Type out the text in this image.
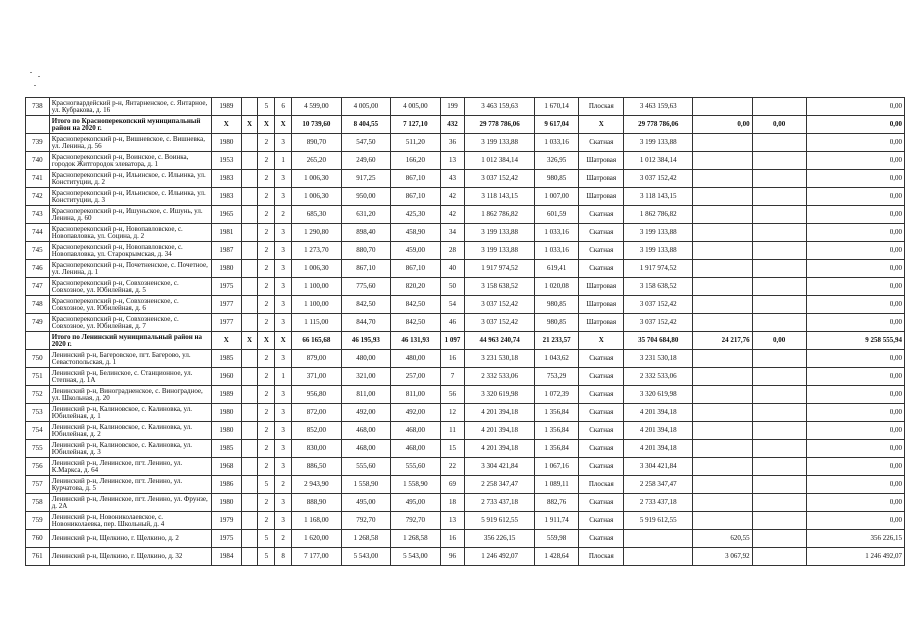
738	Красногвардейский р-н, Янтарненское, с. Янтарное, ул. Кубракова, д. 16	1989		5	6	4 599,00	4 005,00	4 005,00	199	3 463 159,63	1 670,14	Плоская	3 463 159,63			0,00
	Итого по Красноперекопский муниципальный район на 2020 г.	X	X	X	X	10 739,60	8 404,55	7 127,10	432	29 778 786,06	9 617,04	X	29 778 786,06	0,00	0,00	0,00
739	Красноперекопский р-н, Вишневское, с. Вишневка, ул. Ленина, д. 56	1980		2	3	890,70	547,50	511,20	36	3 199 133,88	1 033,16	Скатная	3 199 133,88			0,00
740	Красноперекопский р-н, Воинское, с. Воинка, городок Житгородок элеватора, д. 1	1953		2	1	265,20	249,60	166,20	13	1 012 384,14	326,95	Шатровая	1 012 384,14			0,00
741	Красноперекопский р-н, Ильинское, с. Ильинка, ул. Конституции, д. 2	1983		2	3	1 006,30	917,25	867,10	43	3 037 152,42	980,85	Шатровая	3 037 152,42			0,00
742	Красноперекопский р-н, Ильинское, с. Ильинка, ул. Конституции, д. 3	1983		2	3	1 006,30	950,00	867,10	42	3 118 143,15	1 007,00	Шатровая	3 118 143,15			0,00
743	Красноперекопский р-н, Ишуньское, с. Ишунь, ул. Ленина, д. 60	1965		2	2	685,30	631,20	425,30	42	1 862 786,82	601,59	Скатная	1 862 786,82			0,00
744	Красноперекопский р-н, Новопавловское, с. Новопавловка, ул. Социна, д. 2	1981		2	3	1 290,80	898,40	458,90	34	3 199 133,88	1 033,16	Скатная	3 199 133,88			0,00
745	Красноперекопский р-н, Новопавловское, с. Новопавловка, ул. Старокрымская, д. 34	1987		2	3	1 273,70	880,70	459,00	28	3 199 133,88	1 033,16	Скатная	3 199 133,88			0,00
746	Красноперекопский р-н, Почетненское, с. Почетное, ул. Ленина, д. 1	1980		2	3	1 006,30	867,10	867,10	40	1 917 974,52	619,41	Скатная	1 917 974,52			0,00
747	Красноперекопский р-н, Совхозненское, с. Совхозное, ул. Юбилейная, д. 5	1975		2	3	1 100,00	775,60	820,20	50	3 158 638,52	1 020,08	Шатровая	3 158 638,52			0,00
748	Красноперекопский р-н, Совхозненское, с. Совхозное, ул. Юбилейная, д. 6	1977		2	3	1 100,00	842,50	842,50	54	3 037 152,42	980,85	Шатровая	3 037 152,42			0,00
749	Красноперекопский р-н, Совхозненское, с. Совхозное, ул. Юбилейная, д. 7	1977		2	3	1 115,00	844,70	842,50	46	3 037 152,42	980,85	Шатровая	3 037 152,42			0,00
	Итого по Ленинский муниципальный район на 2020 г.	X	X	X	X	66 165,68	46 195,93	46 131,93	1 097	44 963 240,74	21 233,57	X	35 704 684,80	24 217,76	0,00	9 258 555,94
750	Ленинский р-н, Багеровское, пгт. Багерово, ул. Севастопольская, д. 1	1985		2	3	879,00	480,00	480,00	16	3 231 530,18	1 043,62	Скатная	3 231 530,18			0,00
751	Ленинский р-н, Белинское, с. Станционное, ул. Степная, д. 1А	1960		2	1	371,00	321,00	257,00	7	2 332 533,06	753,29	Скатная	2 332 533,06			0,00
752	Ленинский р-н, Виноградненское, с. Виноградное, ул. Школьная, д. 20	1989		2	3	956,80	811,00	811,00	56	3 320 619,98	1 072,39	Скатная	3 320 619,98			0,00
753	Ленинский р-н, Калиновское, с. Калиновка, ул. Юбилейная, д. 1	1980		2	3	872,00	492,00	492,00	12	4 201 394,18	1 356,84	Скатная	4 201 394,18			0,00
754	Ленинский р-н, Калиновское, с. Калиновка, ул. Юбилейная, д. 2	1980		2	3	852,00	468,00	468,00	11	4 201 394,18	1 356,84	Скатная	4 201 394,18			0,00
755	Ленинский р-н, Калиновское, с. Калиновка, ул. Юбилейная, д. 3	1985		2	3	830,00	468,00	468,00	15	4 201 394,18	1 356,84	Скатная	4 201 394,18			0,00
756	Ленинский р-н, Ленинское, пгт. Ленино, ул. К.Маркса, д. 64	1968		2	3	886,50	555,60	555,60	22	3 304 421,84	1 067,16	Скатная	3 304 421,84			0,00
757	Ленинский р-н, Ленинское, пгт. Ленино, ул. Курчатова, д. 5	1986		5	2	2 943,90	1 558,90	1 558,90	69	2 258 347,47	1 089,11	Плоская	2 258 347,47			0,00
758	Ленинский р-н, Ленинское, пгт. Ленино, ул. Фрунзе, д. 2А	1980		2	3	888,90	495,00	495,00	18	2 733 437,18	882,76	Скатная	2 733 437,18			0,00
759	Ленинский р-н, Новониколаевское, с. Новониколаевка, пер. Школьный, д. 4	1979		2	3	1 168,00	792,70	792,70	13	5 919 612,55	1 911,74	Скатная	5 919 612,55			0,00
760	Ленинский р-н, Щелкино, г. Щелкино, д. 2	1975		5	2	1 620,00	1 268,58	1 268,58	16	356 226,15	559,98	Скатная		620,55		356 226,15
761	Ленинский р-н, Щелкино, г. Щелкино, д. 32	1984		5	8	7 177,00	5 543,00	5 543,00	96	1 246 492,07	1 428,64	Плоская		3 067,92		1 246 492,07
